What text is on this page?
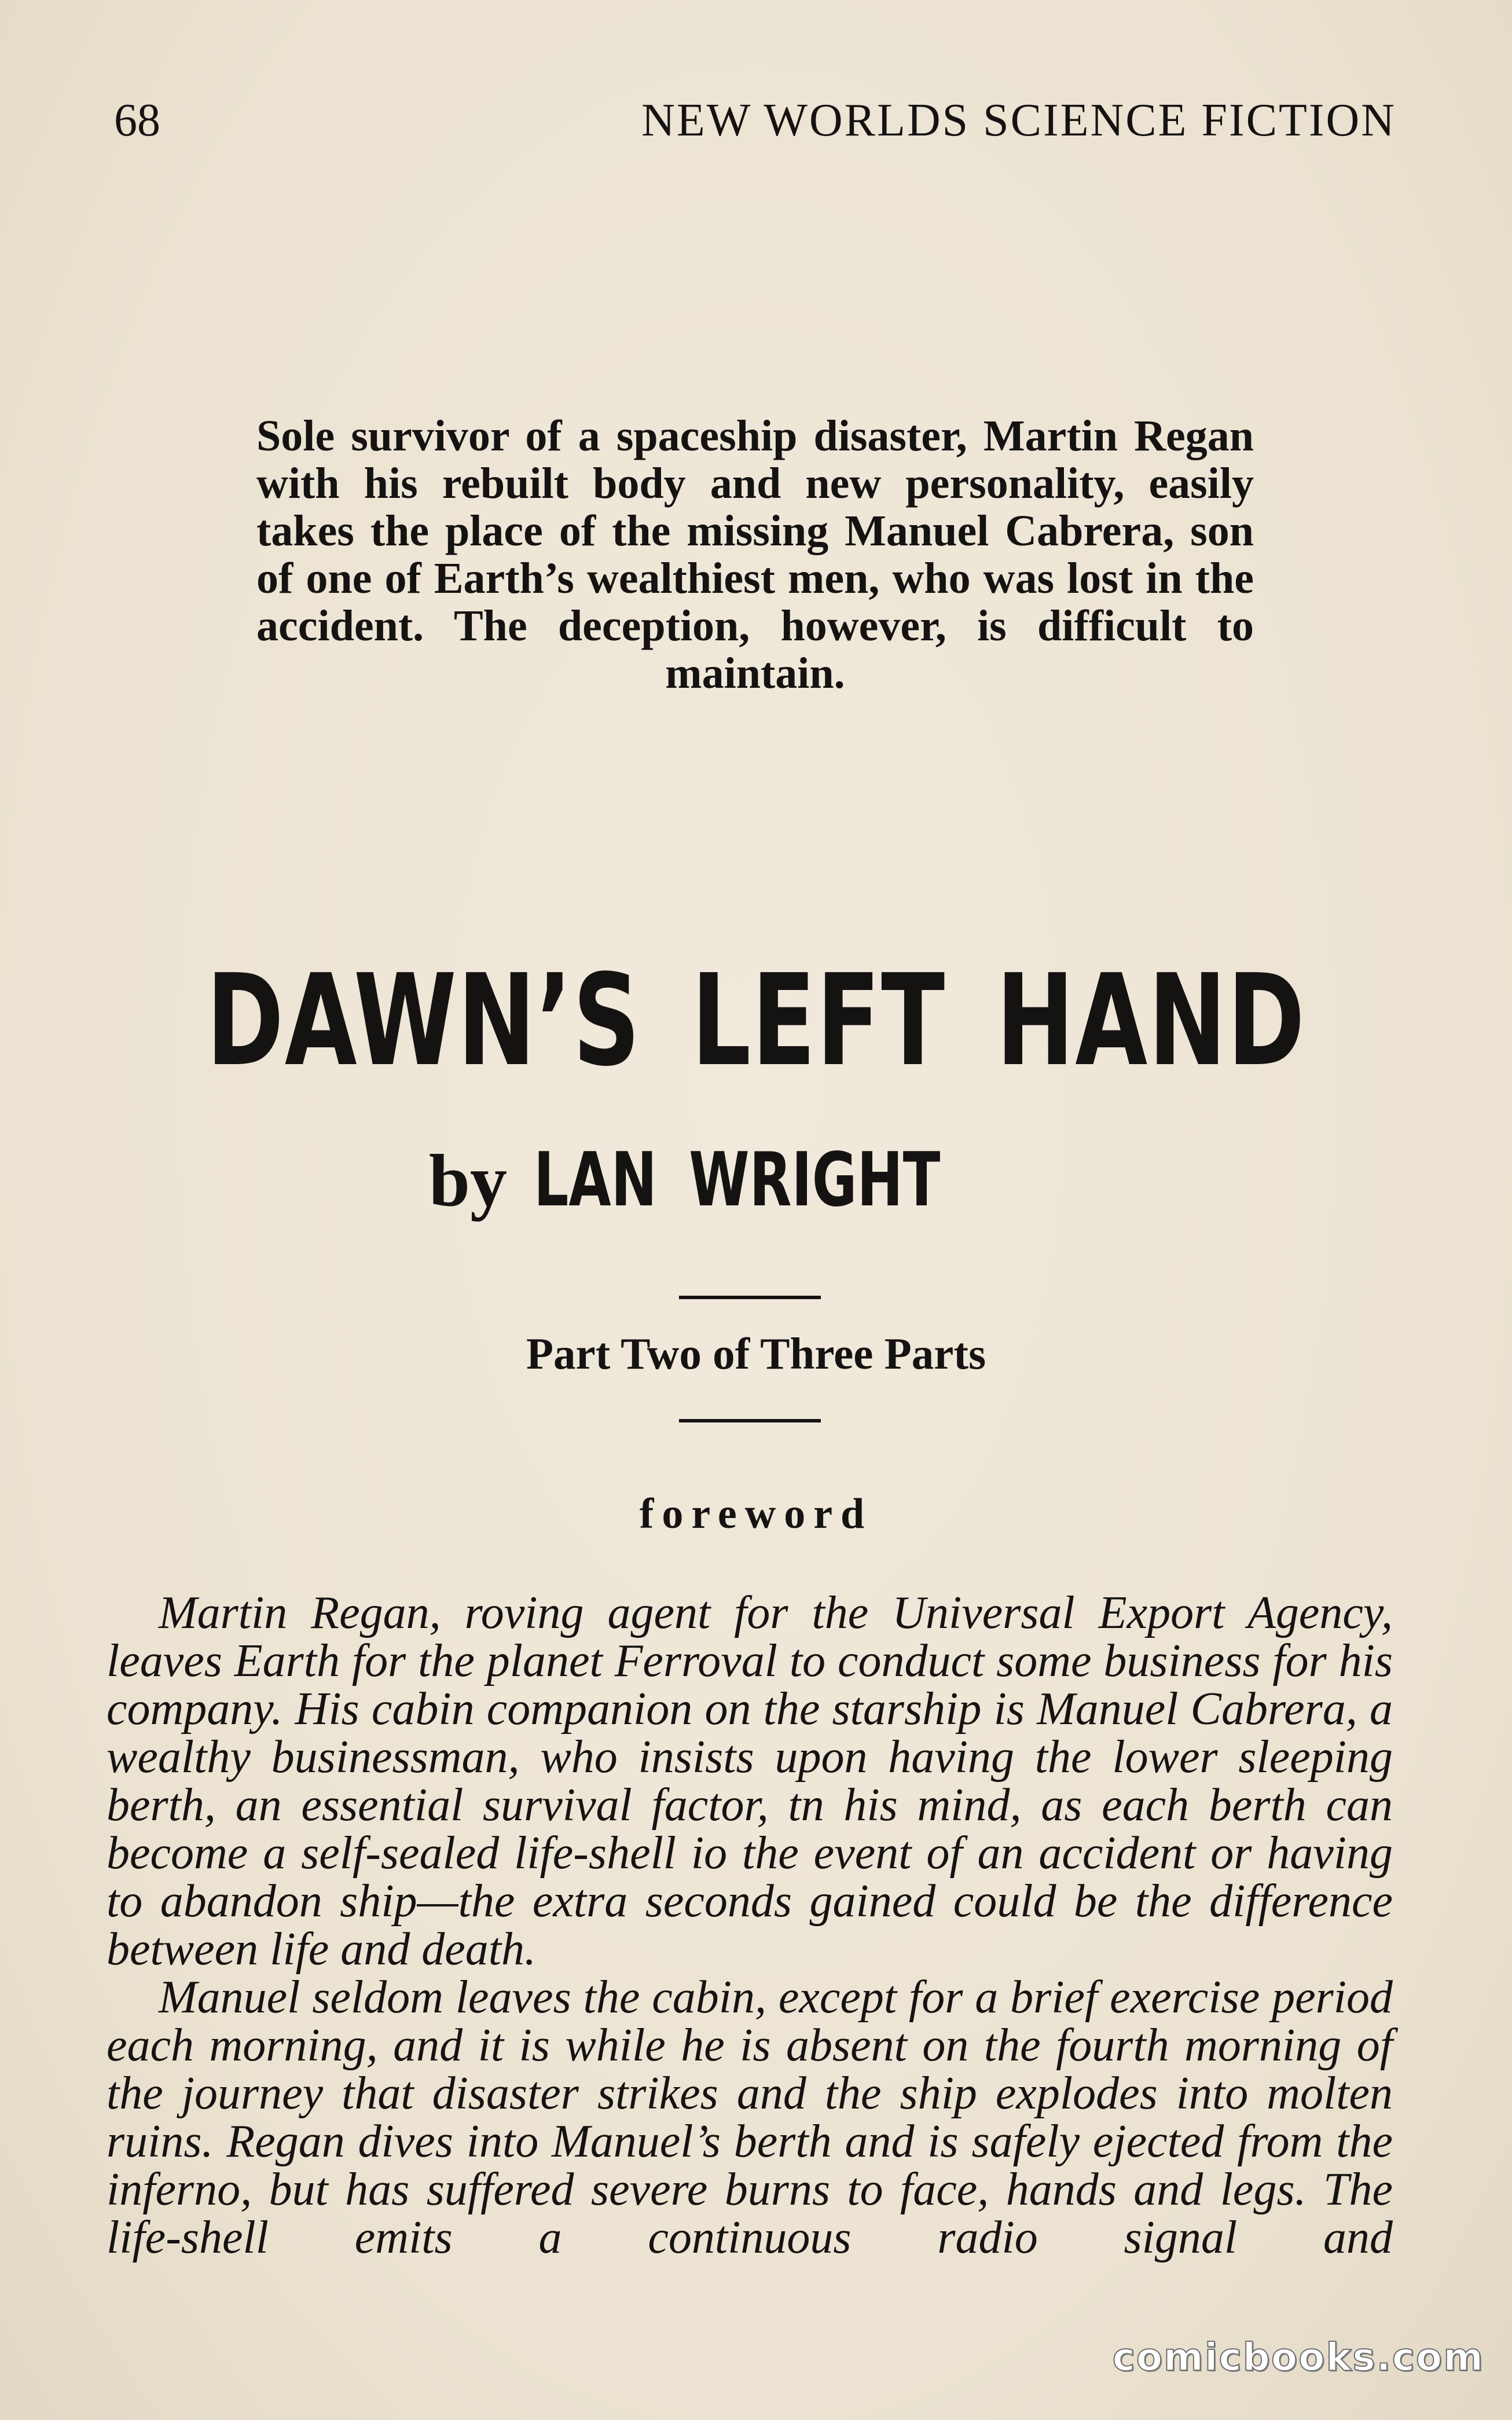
68	NEW WORLDS SCIENCE FICTION

Sole survivor of a spaceship disaster, Martin Regan with his rebuilt body and new personality, easily takes the place of the missing Manuel Cabrera, son of one of Earth’s wealthiest men, who was lost in the accident. The deception, however, is difficult to maintain.

DAWN’S LEFT HAND
by LAN WRIGHT
Part Two of Three Parts
foreword

Martin Regan, roving agent for the Universal Export Agency, leaves Earth for the planet Ferroval to conduct some business for his company. His cabin companion on the starship is Manuel Cabrera, a wealthy businessman, who insists upon having the lower sleeping berth, an essential survival factor, tn his mind, as each berth can become a self-sealed life-shell io the event of an accident or having to abandon ship—the extra seconds gained could be the difference between life and death.

Manuel seldom leaves the cabin, except for a brief exercise period each morning, and it is while he is absent on the fourth morning of the journey that disaster strikes and the ship explodes into molten ruins. Regan dives into Manuel’s berth and is safely ejected from the inferno, but has suffered severe burns to face, hands and legs. The life-shell emits a continuous radio signal and

comicbooks.com
